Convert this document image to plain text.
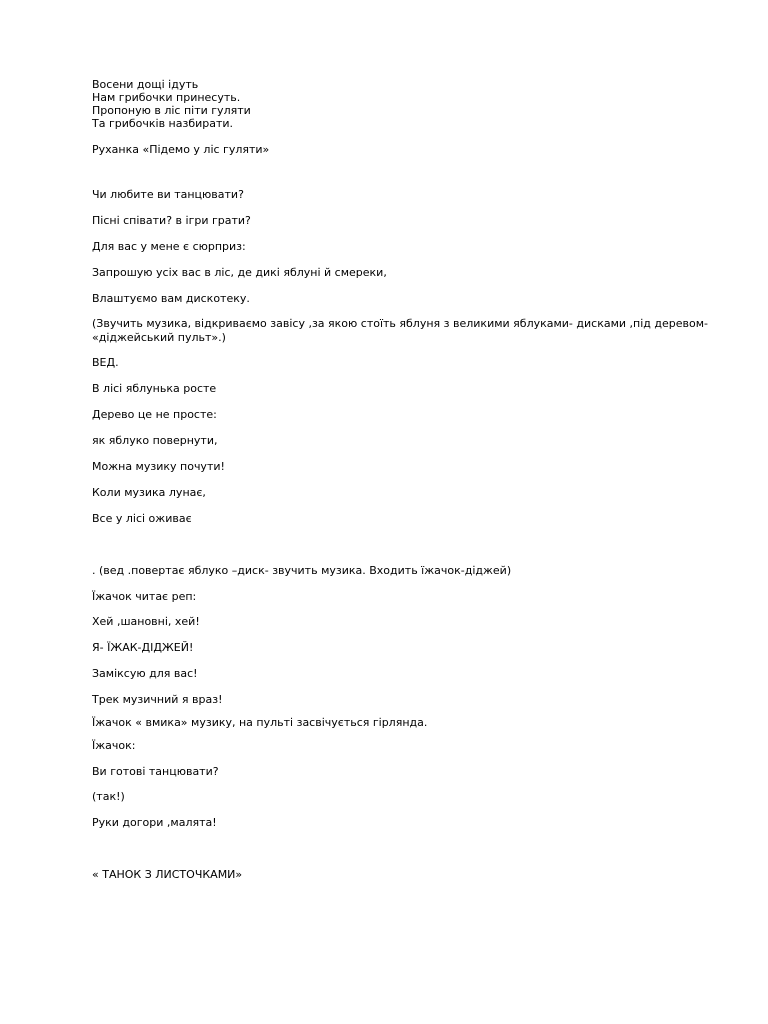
Восени дощі ідуть
Нам грибочки принесуть.
Пропоную в ліс піти гуляти
Та грибочків назбирати.
Руханка «Підемо у ліс гуляти»
Чи любите ви танцювати?
Пісні співати? в ігри грати?
Для вас у мене є сюрприз:
Запрошую усіх вас в ліс, де дикі яблуні й смереки,
Влаштуємо вам дискотеку.
(Звучить музика, відкриваємо завісу ,за якою стоїть яблуня з великими яблуками- дисками ,під деревом- «діджейський пульт».)
ВЕД.
В лісі яблунька росте
Дерево це не просте:
як яблуко повернути,
Можна музику почути!
Коли музика лунає,
Все у лісі оживає
. (вед .повертає яблуко –диск- звучить музика. Входить їжачок-діджей)
Їжачок читає реп:
Хей ,шановні, хей!
Я- ЇЖАК-ДІДЖЕЙ!
Заміксую для вас!
Трек музичний я враз!
Їжачок « вмика» музику, на пульті засвічується гірлянда.
Їжачок:
Ви готові танцювати?
(так!)
Руки догори ,малята!
« ТАНОК З ЛИСТОЧКАМИ»
